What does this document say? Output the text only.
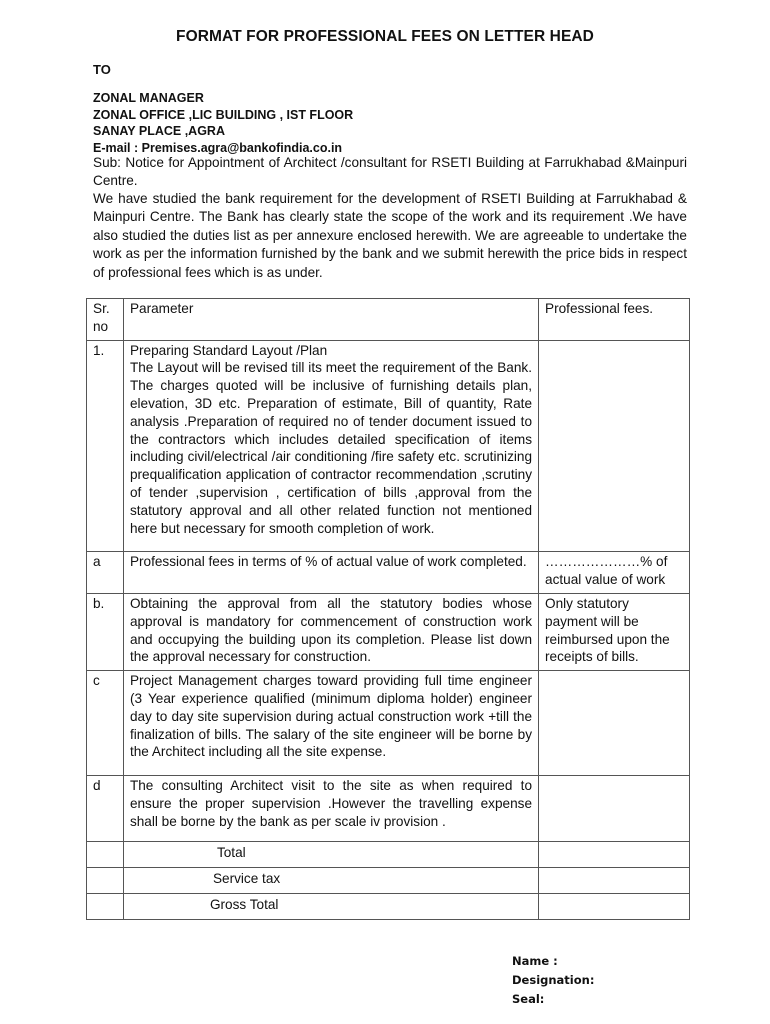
FORMAT FOR PROFESSIONAL FEES ON LETTER HEAD
TO
ZONAL MANAGER
ZONAL OFFICE ,LIC BUILDING , IST FLOOR
SANAY PLACE ,AGRA
E-mail : Premises.agra@bankofindia.co.in
Sub: Notice for Appointment of Architect /consultant for RSETI Building at Farrukhabad &Mainpuri Centre.
We have studied the bank requirement for the development of RSETI Building at Farrukhabad & Mainpuri Centre. The Bank has clearly state the scope of the work and its requirement .We have also studied the duties list as per annexure enclosed herewith. We are agreeable to undertake the work as per the information furnished by the bank and we submit herewith the price bids in respect of professional fees which is as under.
Sr. no	Parameter	Professional fees.
1.	Preparing Standard Layout /Plan
The Layout will be revised till its meet the requirement of the Bank. The charges quoted will be inclusive of furnishing details plan, elevation, 3D etc. Preparation of estimate, Bill of quantity, Rate analysis .Preparation of required no of tender document issued to the contractors which includes detailed specification of items including civil/electrical /air conditioning /fire safety etc. scrutinizing prequalification application of contractor recommendation ,scrutiny of tender ,supervision , certification of bills ,approval from the statutory approval and all other related function not mentioned here but necessary for smooth completion of work.	

a	Professional fees in terms of % of actual value of work completed.	…………………% of actual value of work
b.	Obtaining the approval from all the statutory bodies whose approval is mandatory for commencement of construction work and occupying the building upon its completion. Please list down the approval necessary for construction.	Only statutory payment will be reimbursed upon the receipts of bills.
c	Project Management charges toward providing full time engineer (3 Year experience qualified (minimum diploma holder) engineer day to day site supervision during actual construction work +till the finalization of bills. The salary of the site engineer will be borne by the Architect including all the site expense.	

d	The consulting Architect visit to the site as when required to ensure the proper supervision .However the travelling expense shall be borne by the bank as per scale iv provision .	

	Total	
	Service tax	
	Gross Total	
Name :
Designation:
Seal:
